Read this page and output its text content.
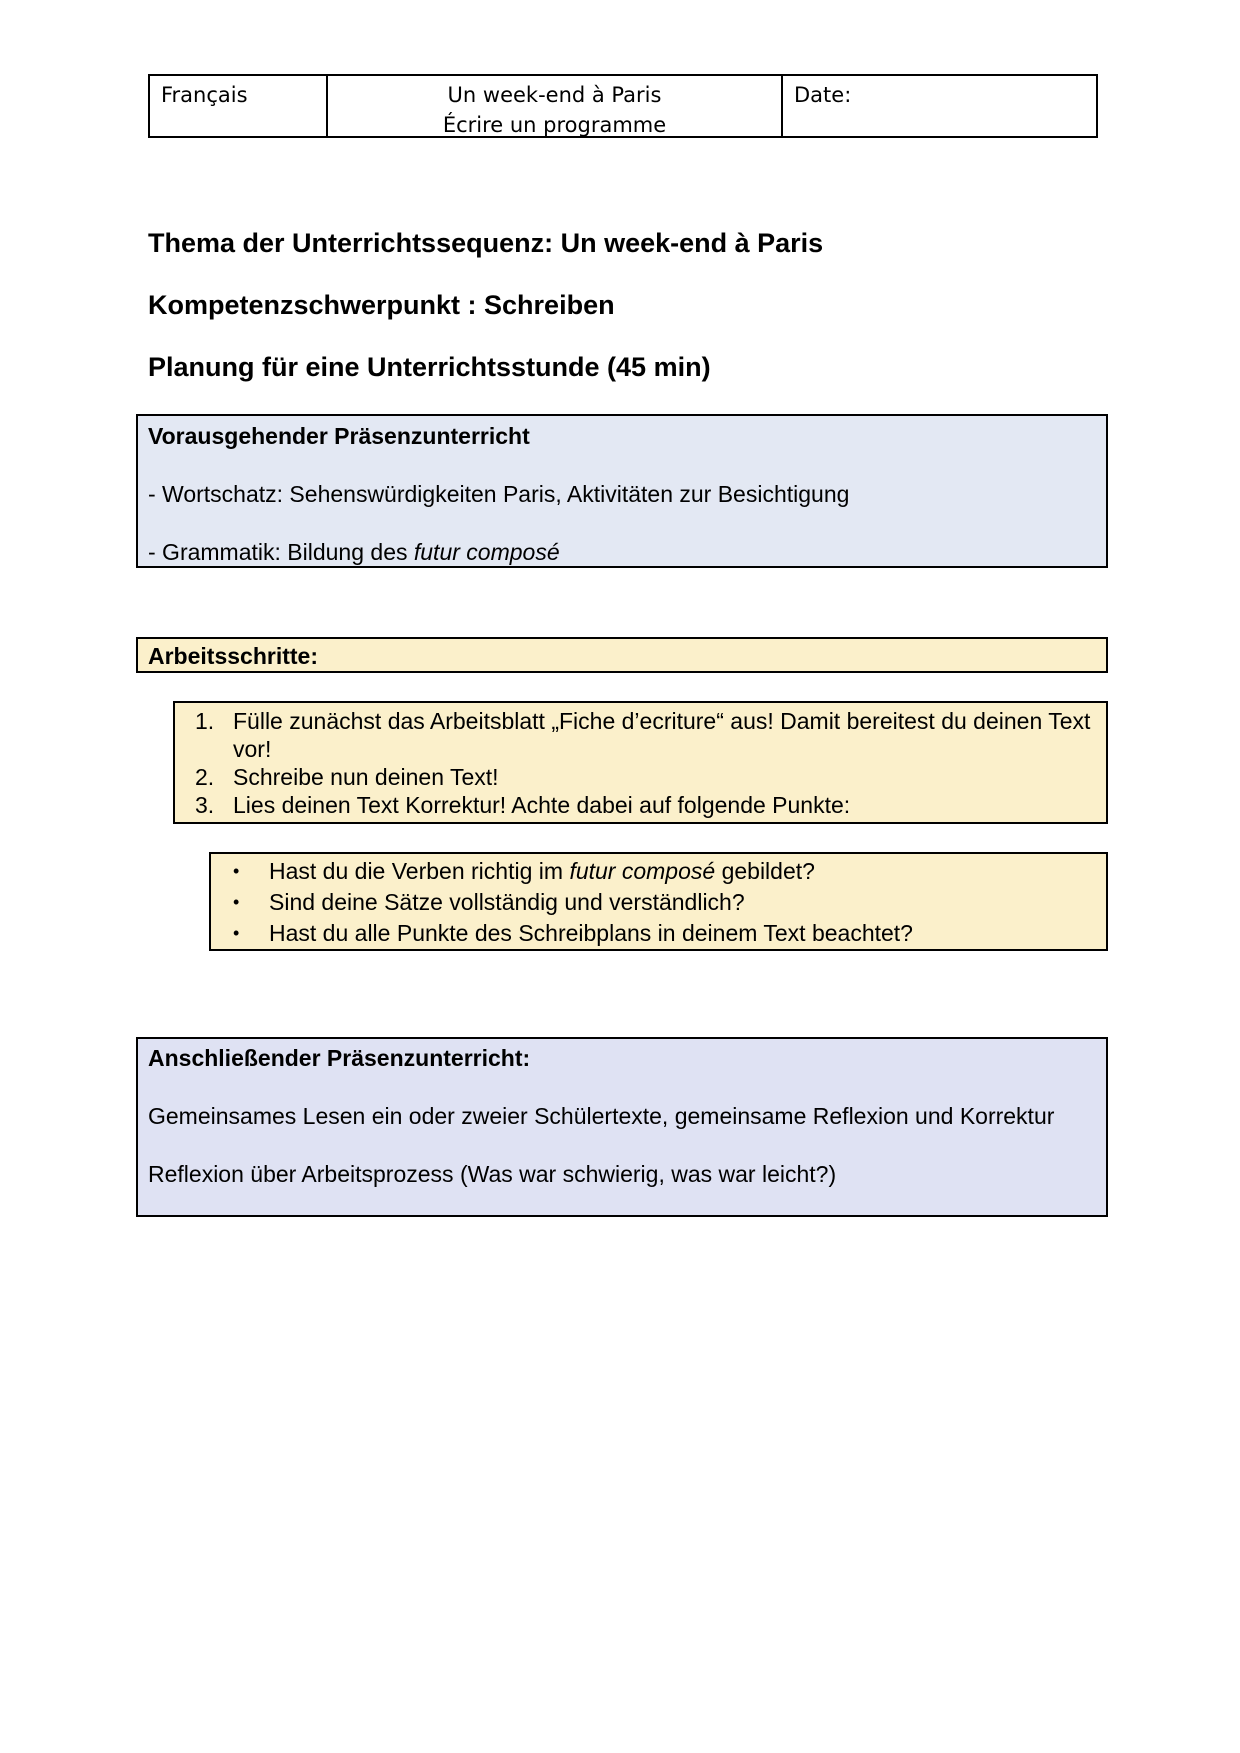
Français	Un week-end à Paris
Écrire un programme
Date:
Thema der Unterrichtssequenz: Un week-end à Paris
Kompetenzschwerpunkt : Schreiben
Planung für eine Unterrichtsstunde (45 min)

Vorausgehender Präsenzunterricht

- Wortschatz: Sehenswürdigkeiten Paris, Aktivitäten zur Besichtigung

- Grammatik: Bildung des futur composé

Arbeitsschritte:

Fülle zunächst das Arbeitsblatt „Fiche d’ecriture“ aus! Damit bereitest du deinen Text vor!
Schreibe nun deinen Text!
Lies deinen Text Korrektur! Achte dabei auf folgende Punkte:
• Hast du die Verben richtig im futur composé gebildet?
• Sind deine Sätze vollständig und verständlich?
• Hast du alle Punkte des Schreibplans in deinem Text beachtet?

Anschließender Präsenzunterricht:

Gemeinsames Lesen ein oder zweier Schülertexte, gemeinsame Reflexion und Korrektur

Reflexion über Arbeitsprozess (Was war schwierig, was war leicht?)
